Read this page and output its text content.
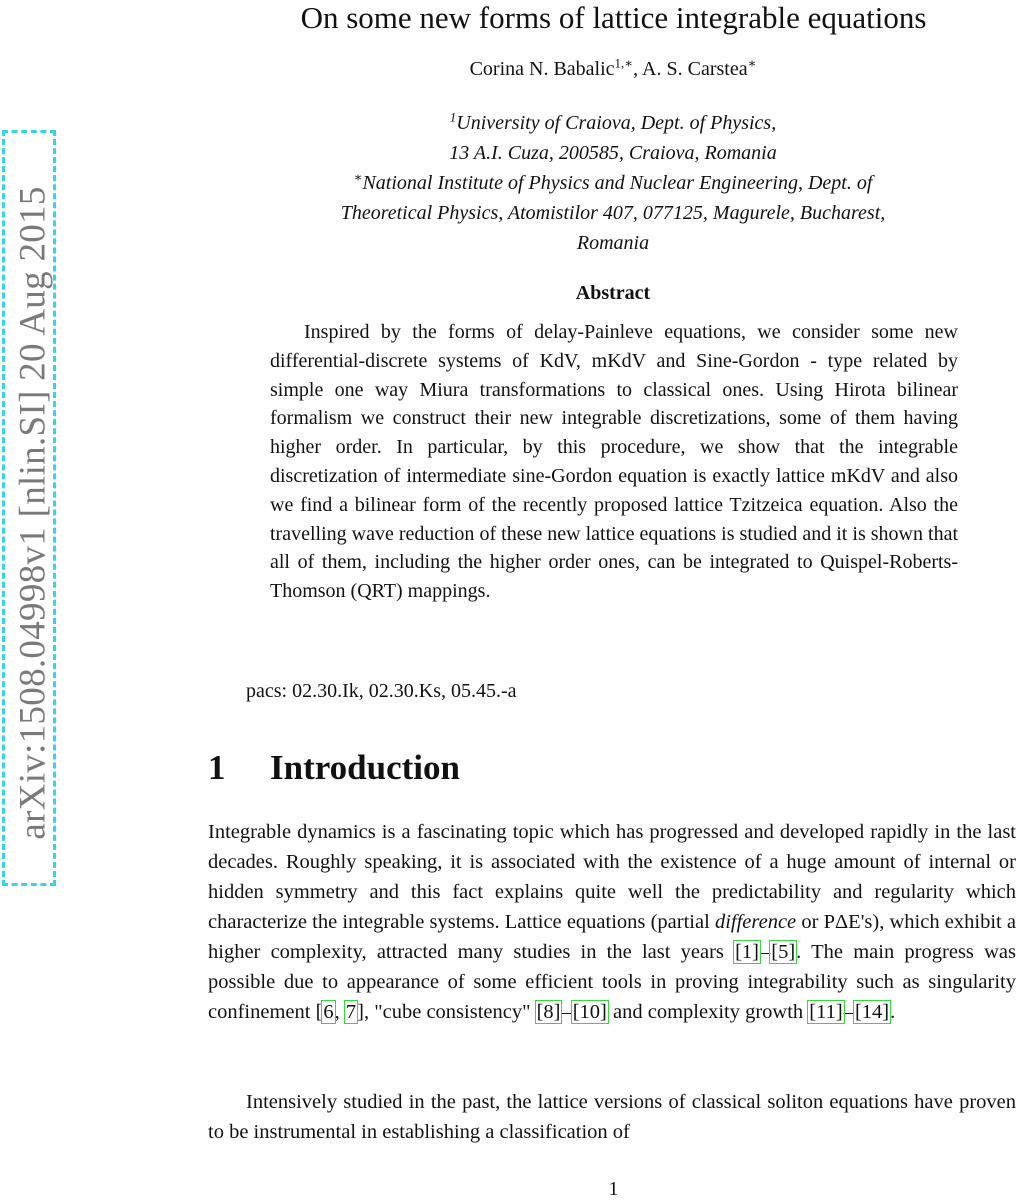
arXiv:1508.04998v1 [nlin.SI] 20 Aug 2015
On some new forms of lattice integrable equations
Corina N. Babalic$^{1,∗}$, A. S. Carstea∗
$^1$University of Craiova, Dept. of Physics,
13 A.I. Cuza, 200585, Craiova, Romania
∗National Institute of Physics and Nuclear Engineering, Dept. of
Theoretical Physics, Atomistilor 407, 077125, Magurele, Bucharest,
Romania
Abstract

Inspired by the forms of delay-Painleve equations, we consider some new differential-discrete systems of KdV, mKdV and Sine-Gordon - type related by simple one way Miura transformations to classical ones. Using Hirota bilinear formalism we construct their new integrable discretizations, some of them having higher order. In particular, by this procedure, we show that the integrable discretization of intermediate sine-Gordon equation is exactly lattice mKdV and also we find a bilinear form of the recently proposed lattice Tzitzeica equation. Also the travelling wave reduction of these new lattice equations is studied and it is shown that all of them, including the higher order ones, can be integrated to Quispel-Roberts-Thomson (QRT) mappings.

pacs: 02.30.Ik, 02.30.Ks, 05.45.-a
1 Introduction

Integrable dynamics is a fascinating topic which has progressed and developed rapidly in the last decades. Roughly speaking, it is associated with the existence of a huge amount of internal or hidden symmetry and this fact explains quite well the predictability and regularity which characterize the integrable systems. Lattice equations (partial difference or PΔE's), which exhibit a higher complexity, attracted many studies in the last years [1]–[5]. The main progress was possible due to appearance of some efficient tools in proving integrability such as singularity confinement [6, 7], "cube consistency" [8]–[10] and complexity growth [11]–[14].

Intensively studied in the past, the lattice versions of classical soliton equations have proven to be instrumental in establishing a classification of

1
